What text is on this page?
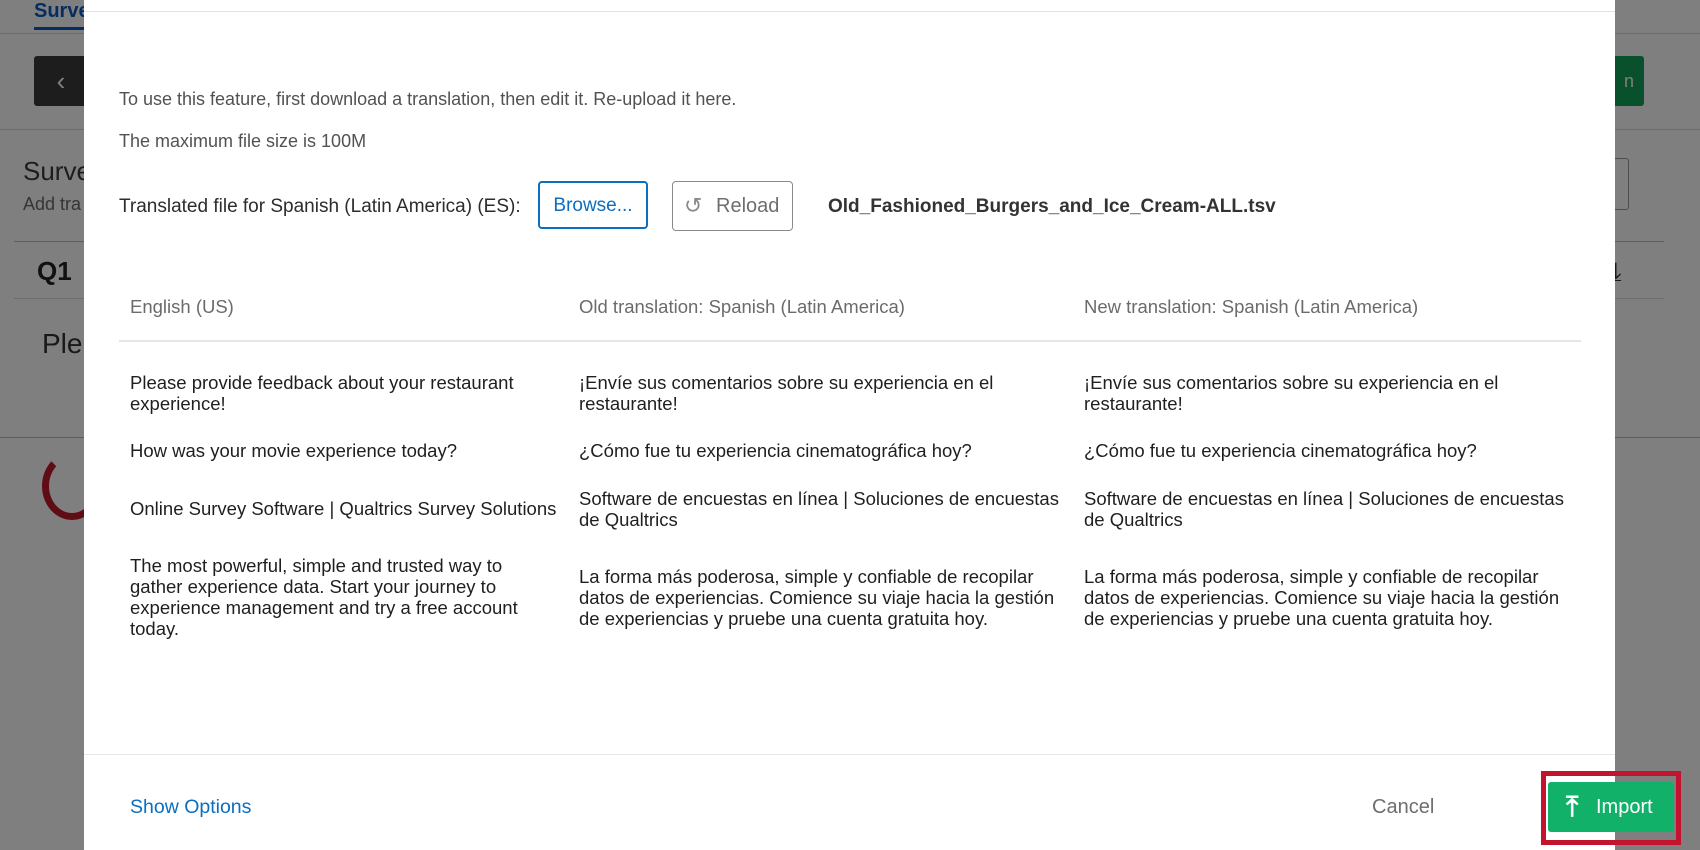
To use this feature, first download a translation, then edit it. Re-upload it here.
The maximum file size is 100M
Translated file for Spanish (Latin America) (ES):	Browse...	↺ Reload	Old_Fashioned_Burgers_and_Ice_Cream-ALL.tsv
English (US)	Old translation: Spanish (Latin America)	New translation: Spanish (Latin America)
Please provide feedback about your restaurant experience!	¡Envíe sus comentarios sobre su experiencia en el restaurante!	¡Envíe sus comentarios sobre su experiencia en el restaurante!
How was your movie experience today?	¿Cómo fue tu experiencia cinematográfica hoy?	¿Cómo fue tu experiencia cinematográfica hoy?
Online Survey Software | Qualtrics Survey Solutions	Software de encuestas en línea | Soluciones de encuestas de Qualtrics	Software de encuestas en línea | Soluciones de encuestas de Qualtrics
The most powerful, simple and trusted way to gather experience data. Start your journey to experience management and try a free account today.	La forma más poderosa, simple y confiable de recopilar datos de experiencias. Comience su viaje hacia la gestión de experiencias y pruebe una cuenta gratuita hoy.	La forma más poderosa, simple y confiable de recopilar datos de experiencias. Comience su viaje hacia la gestión de experiencias y pruebe una cuenta gratuita hoy.
Show Options	Cancel	⤒ Import
